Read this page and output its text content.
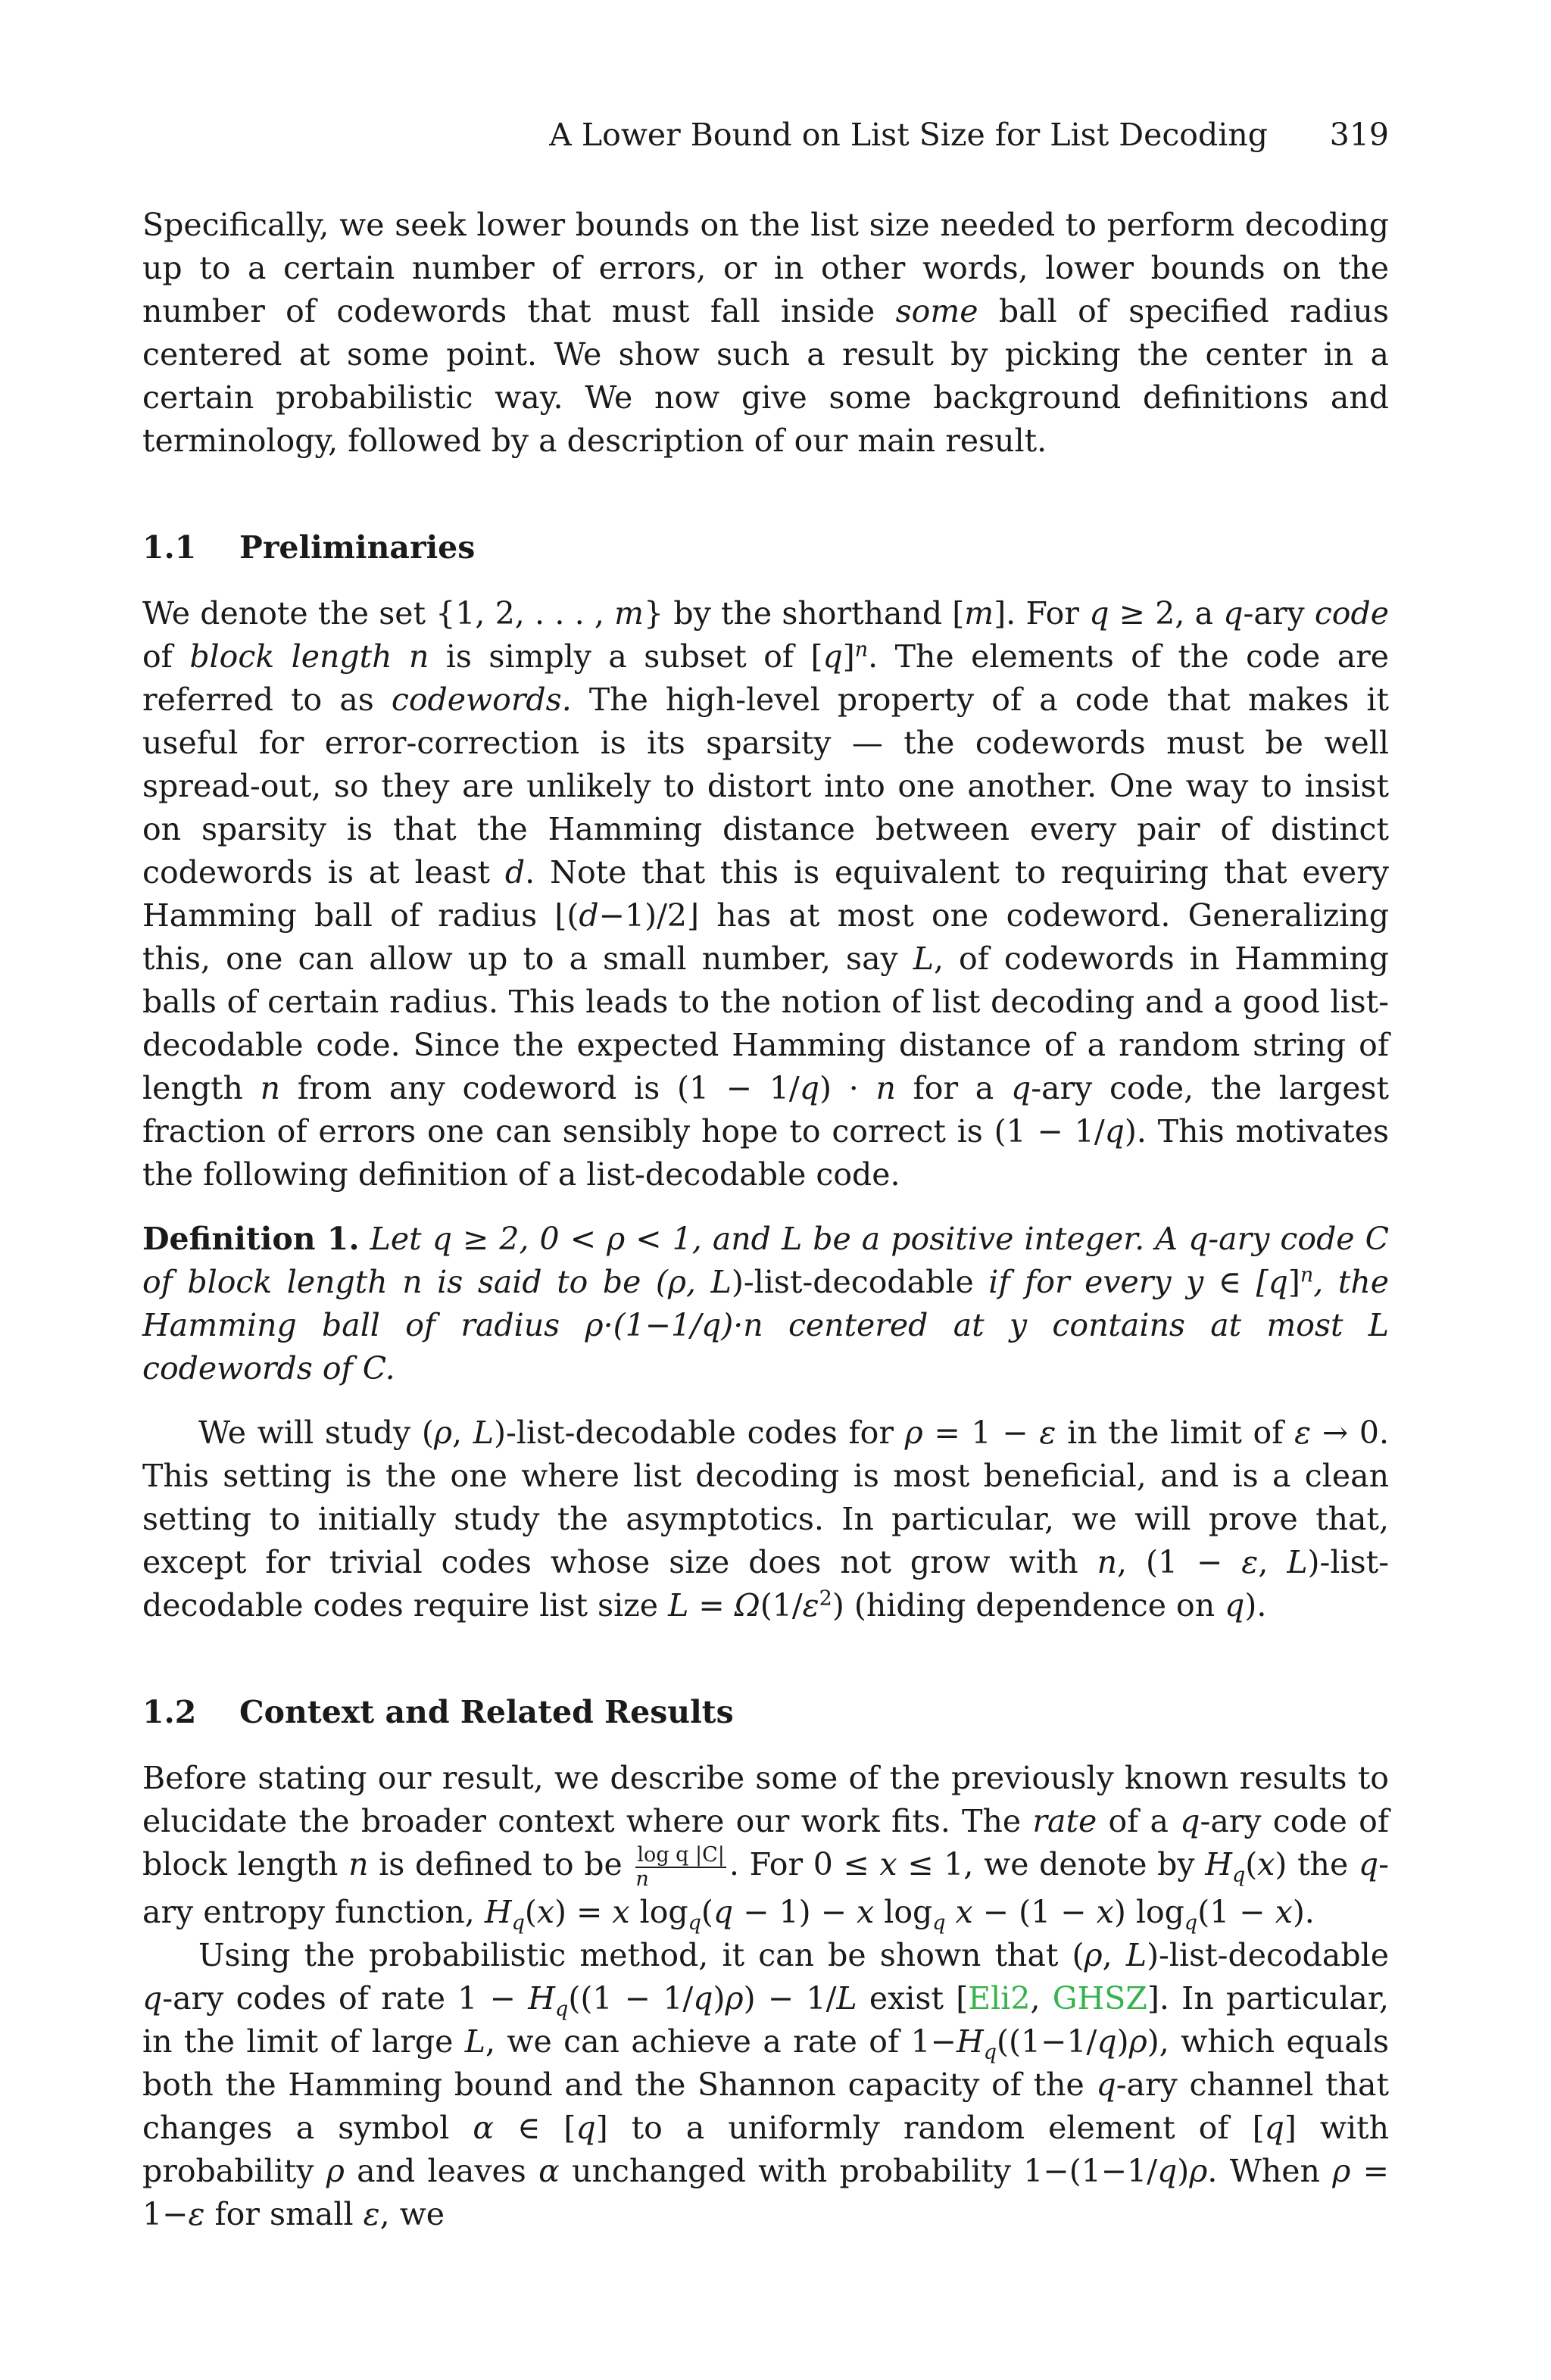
A Lower Bound on List Size for List Decoding 319

Specifically, we seek lower bounds on the list size needed to perform decoding up to a certain number of errors, or in other words, lower bounds on the number of codewords that must fall inside some ball of specified radius centered at some point. We show such a result by picking the center in a certain probabilistic way. We now give some background definitions and terminology, followed by a description of our main result.

1.1 Preliminaries

We denote the set {1, 2, . . . , m} by the shorthand [m]. For q ≥ 2, a q-ary code of block length n is simply a subset of $[q]^n$. The elements of the code are referred to as codewords. The high-level property of a code that makes it useful for error-correction is its sparsity — the codewords must be well spread-out, so they are unlikely to distort into one another. One way to insist on sparsity is that the Hamming distance between every pair of distinct codewords is at least d. Note that this is equivalent to requiring that every Hamming ball of radius ⌊(d−1)/2⌋ has at most one codeword. Generalizing this, one can allow up to a small number, say L, of codewords in Hamming balls of certain radius. This leads to the notion of list decoding and a good list-decodable code. Since the expected Hamming distance of a random string of length n from any codeword is (1 − 1/q) · n for a q-ary code, the largest fraction of errors one can sensibly hope to correct is (1 − 1/q). This motivates the following definition of a list-decodable code.

Definition 1. Let q ≥ 2, 0 < ρ < 1, and L be a positive integer. A q-ary code C of block length n is said to be (ρ, L)-list-decodable if for every y ∈ $[q]^n$, the Hamming ball of radius ρ·(1−1/q)·n centered at y contains at most L codewords of C.

We will study (ρ, L)-list-decodable codes for ρ = 1 − ε in the limit of ε → 0. This setting is the one where list decoding is most beneficial, and is a clean setting to initially study the asymptotics. In particular, we will prove that, except for trivial codes whose size does not grow with n, (1 − ε, L)-list-decodable codes require list size $L = \Omega(1/\varepsilon^2)$ (hiding dependence on q).

1.2 Context and Related Results

Before stating our result, we describe some of the previously known results to elucidate the broader context where our work fits. The rate of a q-ary code of block length n is defined to be $\frac{\text{log q |C|}}{n}$ . For 0 ≤ x ≤ 1, we denote by $H_q(x)$ the q-ary entropy function, $H_q(x) = x$ $\log_q(q - 1) - x$ $\log_q x - (1 - x) \log_q(1 - x)$.

Using the probabilistic method, it can be shown that (ρ, L)-list-decodable q-ary codes of rate $1 - H_q((1 - 1/q)\rho) - 1/L$ exist [Eli2, GHSZ]. In particular, in the limit of large L, we can achieve a rate of $1-H_q((1-1/q)\rho)$, which equals both the Hamming bound and the Shannon capacity of the q-ary channel that changes a symbol α ∈ [q] to a uniformly random element of [q] with probability ρ and leaves α unchanged with probability 1−(1−1/q)ρ. When ρ = 1−ε for small ε, we
